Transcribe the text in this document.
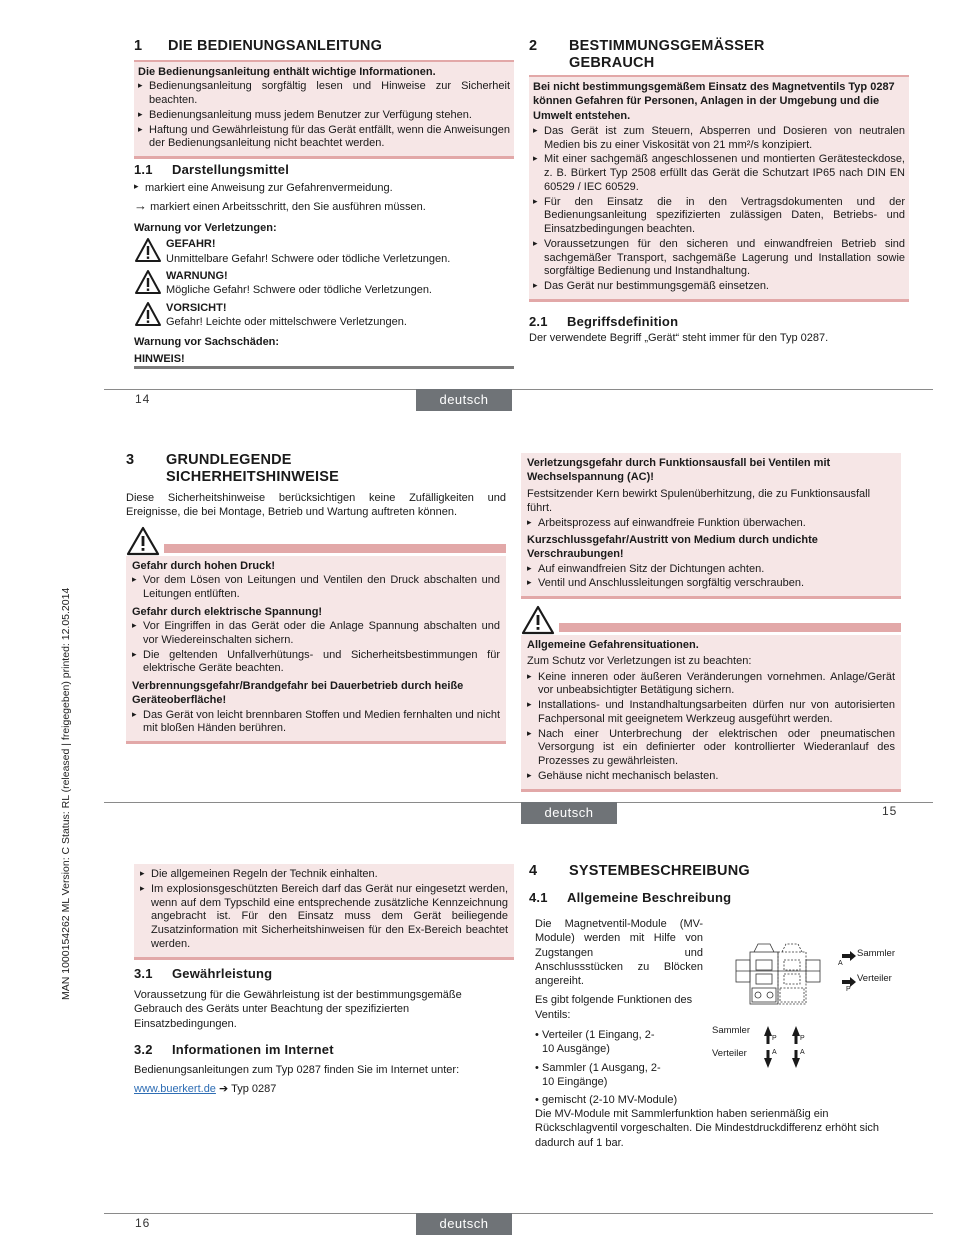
MAN 1000154262 ML Version: C Status: RL (released | freigegeben) printed: 12.05.2014
1 DIE BEDIENUNGSANLEITUNG
Die Bedienungsanleitung enthält wichtige Informationen.
▸ Bedienungsanleitung sorgfältig lesen und Hinweise zur Sicherheit beachten.
▸ Bedienungsanleitung muss jedem Benutzer zur Verfügung stehen.
▸ Haftung und Gewährleistung für das Gerät entfällt, wenn die Anweisungen der Bedienungsanleitung nicht beachtet werden.
1.1 Darstellungsmittel
▸ markiert eine Anweisung zur Gefahrenvermeidung.
→ markiert einen Arbeitsschritt, den Sie ausführen müssen.
Warnung vor Verletzungen:
GEFAHR!
Unmittelbare Gefahr! Schwere oder tödliche Verletzungen.
WARNUNG!
Mögliche Gefahr! Schwere oder tödliche Verletzungen.
VORSICHT!
Gefahr! Leichte oder mittelschwere Verletzungen.
Warnung vor Sachschäden:
HINWEIS!
2	BESTIMMUNGSGEMÄSSER
GEBRAUCH
Bei nicht bestimmungsgemäßem Einsatz des Magnetventils Typ 0287 können Gefahren für Personen, Anlagen in der Umgebung und die Umwelt entstehen.
▸ Das Gerät ist zum Steuern, Absperren und Dosieren von neutralen Medien bis zu einer Viskosität von 21 mm²/s konzipiert.
▸ Mit einer sachgemäß angeschlossenen und montierten Gerätesteckdose, z. B. Bürkert Typ 2508 erfüllt das Gerät die Schutzart IP65 nach DIN EN 60529 / IEC 60529.
▸ Für den Einsatz die in den Vertragsdokumenten und der Bedienungsanleitung spezifizierten zulässigen Daten, Betriebs- und Einsatzbedingungen beachten.
▸ Voraussetzungen für den sicheren und einwandfreien Betrieb sind sachgemäßer Transport, sachgemäße Lagerung und Installation sowie sorgfältige Bedienung und Instandhaltung.
▸ Das Gerät nur bestimmungsgemäß einsetzen.
2.1 Begriffsdefinition
Der verwendete Begriff „Gerät“ steht immer für den Typ 0287.
14	deutsch
3	GRUNDLEGENDE
SICHERHEITSHINWEISE
Diese Sicherheitshinweise berücksichtigen keine Zufälligkeiten und Ereignisse, die bei Montage, Betrieb und Wartung auftreten können.
Gefahr durch hohen Druck!
▸ Vor dem Lösen von Leitungen und Ventilen den Druck abschalten und Leitungen entlüften.
Gefahr durch elektrische Spannung!
▸ Vor Eingriffen in das Gerät oder die Anlage Spannung abschalten und vor Wiedereinschalten sichern.
▸ Die geltenden Unfallverhütungs- und Sicherheitsbestimmungen für elektrische Geräte beachten.
Verbrennungsgefahr/Brandgefahr bei Dauerbetrieb durch heiße Geräteoberfläche!
▸ Das Gerät von leicht brennbaren Stoffen und Medien fernhalten und nicht mit bloßen Händen berühren.
Verletzungsgefahr durch Funktionsausfall bei Ventilen mit Wechselspannung (AC)!
Festsitzender Kern bewirkt Spulenüberhitzung, die zu Funktionsausfall führt.
▸ Arbeitsprozess auf einwandfreie Funktion überwachen.
Kurzschlussgefahr/Austritt von Medium durch undichte Verschraubungen!
▸ Auf einwandfreien Sitz der Dichtungen achten.
▸ Ventil und Anschlussleitungen sorgfältig verschrauben.
Allgemeine Gefahrensituationen.
Zum Schutz vor Verletzungen ist zu beachten:
▸ Keine inneren oder äußeren Veränderungen vornehmen. Anlage/Gerät vor unbeabsichtigter Betätigung sichern.
▸ Installations- und Instandhaltungsarbeiten dürfen nur von autorisierten Fachpersonal mit geeignetem Werkzeug ausgeführt werden.
▸ Nach einer Unterbrechung der elektrischen oder pneumatischen Versorgung ist ein definierter oder kontrollierter Wiederanlauf des Prozesses zu gewährleisten.
▸ Gehäuse nicht mechanisch belasten.
deutsch	15
▸ Die allgemeinen Regeln der Technik einhalten.
▸ Im explosionsgeschützten Bereich darf das Gerät nur eingesetzt werden, wenn auf dem Typschild eine entsprechende zusätzliche Kennzeichnung angebracht ist. Für den Einsatz muss dem Gerät beiliegende Zusatzinformation mit Sicherheitshinweisen für den Ex-Bereich beachtet werden.
3.1 Gewährleistung
Voraussetzung für die Gewährleistung ist der bestimmungsgemäße Gebrauch des Geräts unter Beachtung der spezifizierten Einsatzbedingungen.
3.2 Informationen im Internet
Bedienungsanleitungen zum Typ 0287 finden Sie im Internet unter:
www.buerkert.de ➔ Typ 0287
4	SYSTEMBESCHREIBUNG
4.1 Allgemeine Beschreibung
Die Magnetventil-Module (MV-Module) werden mit Hilfe von Zugstangen und Anschlussstücken zu Blöcken angereiht.
Es gibt folgende Funktionen des Ventils:
• Verteiler (1 Eingang, 2-10 Ausgänge)
• Sammler (1 Ausgang, 2-10 Eingänge)
• gemischt (2-10 MV-Module)
Sammler
Verteiler
A
P
Sammler
Verteiler
P	P
A	A
Die MV-Module mit Sammlerfunktion haben serienmäßig ein Rückschlagventil vorgeschalten. Die Mindestdruckdifferenz erhöht sich dadurch auf 1 bar.
16	deutsch
